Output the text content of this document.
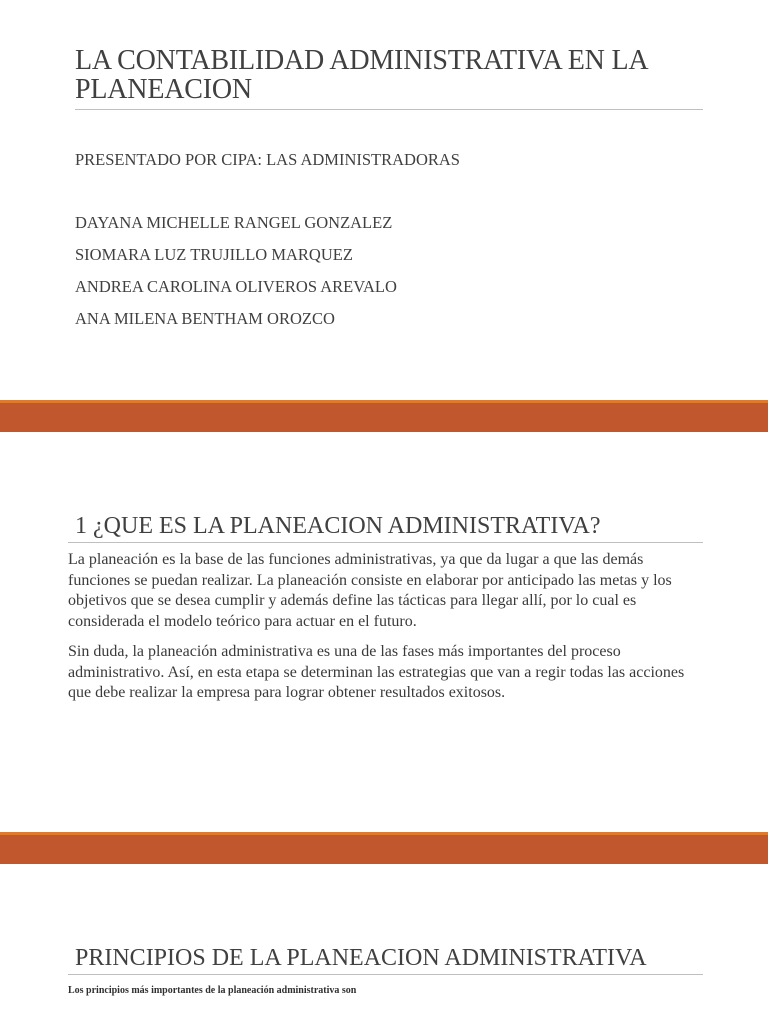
LA CONTABILIDAD ADMINISTRATIVA EN LA PLANEACION
PRESENTADO POR CIPA: LAS ADMINISTRADORAS
DAYANA MICHELLE RANGEL GONZALEZ
SIOMARA LUZ TRUJILLO MARQUEZ
ANDREA CAROLINA OLIVEROS AREVALO
ANA MILENA BENTHAM OROZCO
1 ¿QUE ES LA PLANEACION ADMINISTRATIVA?

La planeación es la base de las funciones administrativas, ya que da lugar a que las demás funciones se puedan realizar. La planeación consiste en elaborar por anticipado las metas y los objetivos que se desea cumplir y además define las tácticas para llegar allí, por lo cual es considerada el modelo teórico para actuar en el futuro.

Sin duda, la planeación administrativa es una de las fases más importantes del proceso administrativo. Así, en esta etapa se determinan las estrategias que van a regir todas las acciones que debe realizar la empresa para lograr obtener resultados exitosos.

PRINCIPIOS DE LA PLANEACION ADMINISTRATIVA
Los principios más importantes de la planeación administrativa son
